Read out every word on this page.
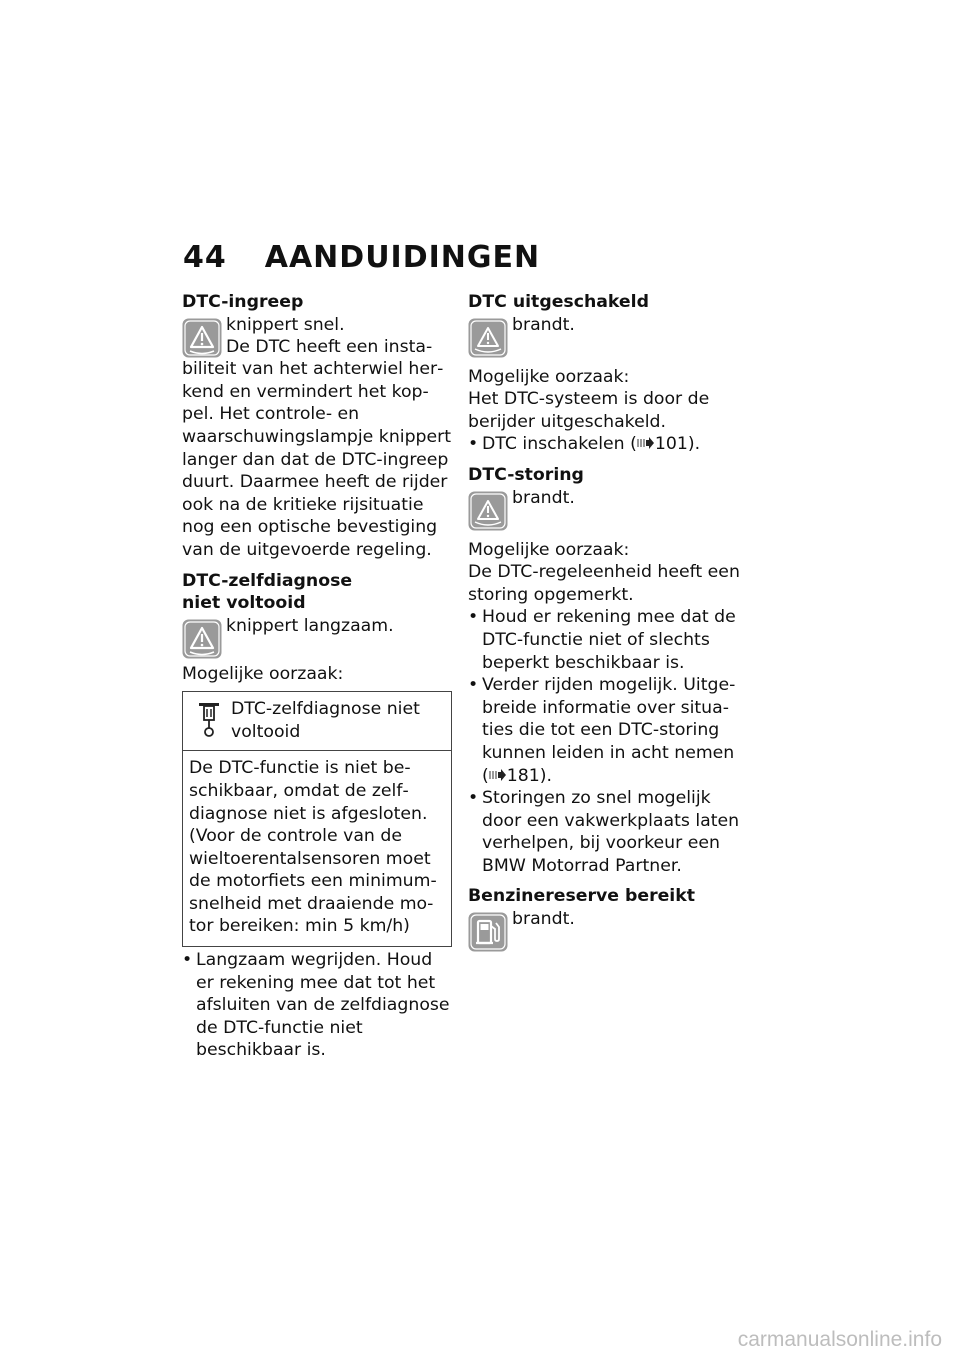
44 AANDUIDINGEN

DTC-ingreep

knippert snel.
De DTC heeft een instabiliteit van het achterwiel herkend en vermindert het koppel. Het controle- en waarschuwingslampje knippert langer dan dat de DTC-ingreep duurt. Daarmee heeft de rijder ook na de kritieke rijsituatie nog een optische bevestiging van de uitgevoerde regeling.

DTC-zelfdiagnose niet voltooid

knippert langzaam.
Mogelijke oorzaak:
DTC-zelfdiagnose niet voltooid
De DTC-functie is niet beschikbaar, omdat de zelfdiagnose niet is afgesloten. (Voor de controle van de wieltoerentalsensoren moet de motorfiets een minimumsnelheid met draaiende motor bereiken: min 5 km/h)
• Langzaam wegrijden. Houd er rekening mee dat tot het afsluiten van de zelfdiagnose de DTC-functie niet beschikbaar is.

DTC uitgeschakeld

brandt.
Mogelijke oorzaak:
Het DTC-systeem is door de berijder uitgeschakeld.
• DTC inschakelen ( 101).

DTC-storing

brandt.
Mogelijke oorzaak:
De DTC-regeleenheid heeft een storing opgemerkt.
• Houd er rekening mee dat de DTC-functie niet of slechts beperkt beschikbaar is.
• Verder rijden mogelijk. Uitgebreide informatie over situaties die tot een DTC-storing kunnen leiden in acht nemen ( 181).
• Storingen zo snel mogelijk door een vakwerkplaats laten verhelpen, bij voorkeur een BMW Motorrad Partner.

Benzinereserve bereikt

brandt.
carmanualsonline.info
